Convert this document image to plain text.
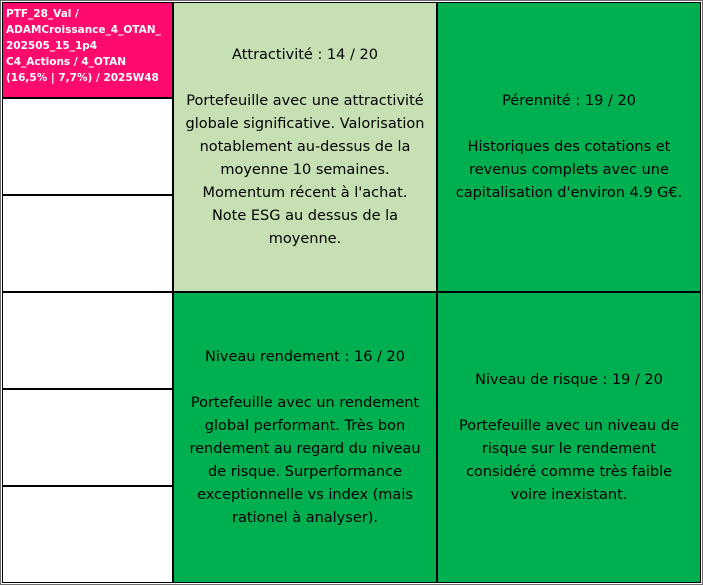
PTF_28_Val /
ADAMCroissance_4_OTAN_
202505_15_1p4
C4_Actions / 4_OTAN
(16,5% | 7,7%) / 2025W48
Attractivité : 14 / 20
Portefeuille avec une attractivité
globale significative. Valorisation
notablement au-dessus de la
moyenne 10 semaines.
Momentum récent à l'achat.
Note ESG au dessus de la
moyenne.
Pérennité : 19 / 20
Historiques des cotations et
revenus complets avec une
capitalisation d'environ 4.9 G€.
Niveau rendement : 16 / 20
Portefeuille avec un rendement
global performant. Très bon
rendement au regard du niveau
de risque. Surperformance
exceptionnelle vs index (mais
rationel à analyser).
Niveau de risque : 19 / 20
Portefeuille avec un niveau de
risque sur le rendement
considéré comme très faible
voire inexistant.
